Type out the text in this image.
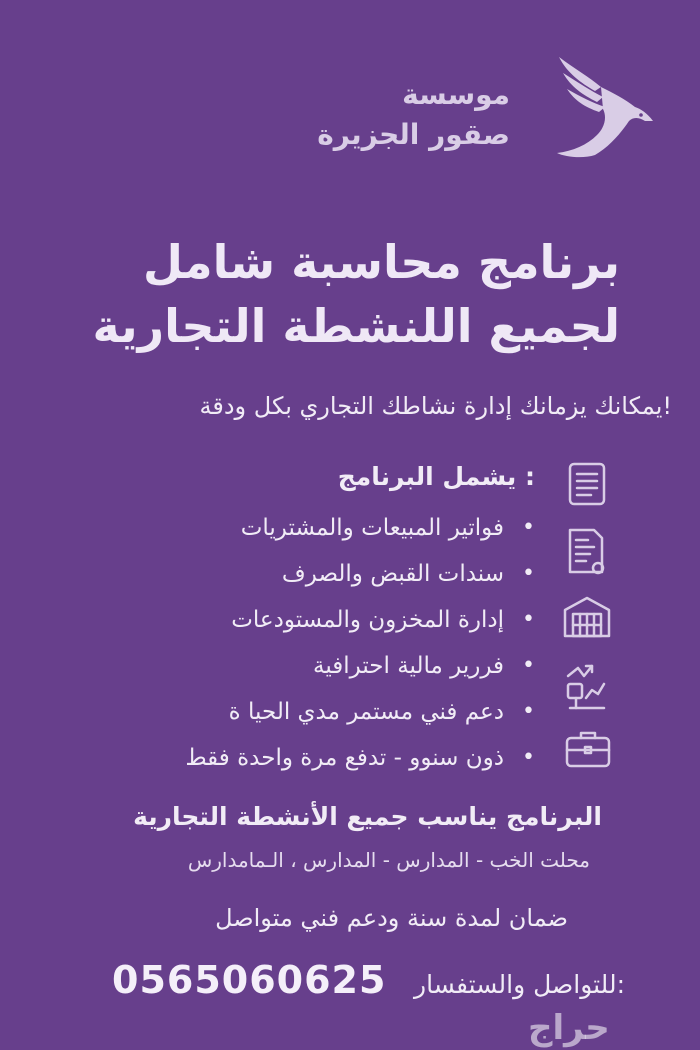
موسسة
صقور الجزيرة
برنامج محاسبة شامل
لجميع اللنشطة التجارية
يمكانك يزمانك إدارة نشاطك التجاري بكل ودقة!
يشمل البرنامج :
•
فواتير المبيعات والمشتريات
•
سندات القبض والصرف
•
إدارة المخزون والمستودعات
•
فررير مالية احترافية
•
دعم فني مستمر مدي الحيا ة
•
ذون سنوو - تدفع مرة واحدة فقط
البرنامج يناسب جميع الأنشطة التجارية
محلت الخب - المدارس - المدارس ، الـمامدارس
ضمان لمدة سنة ودعم فني متواصل
للتواصل والستفسار:
0565060625
حراج
